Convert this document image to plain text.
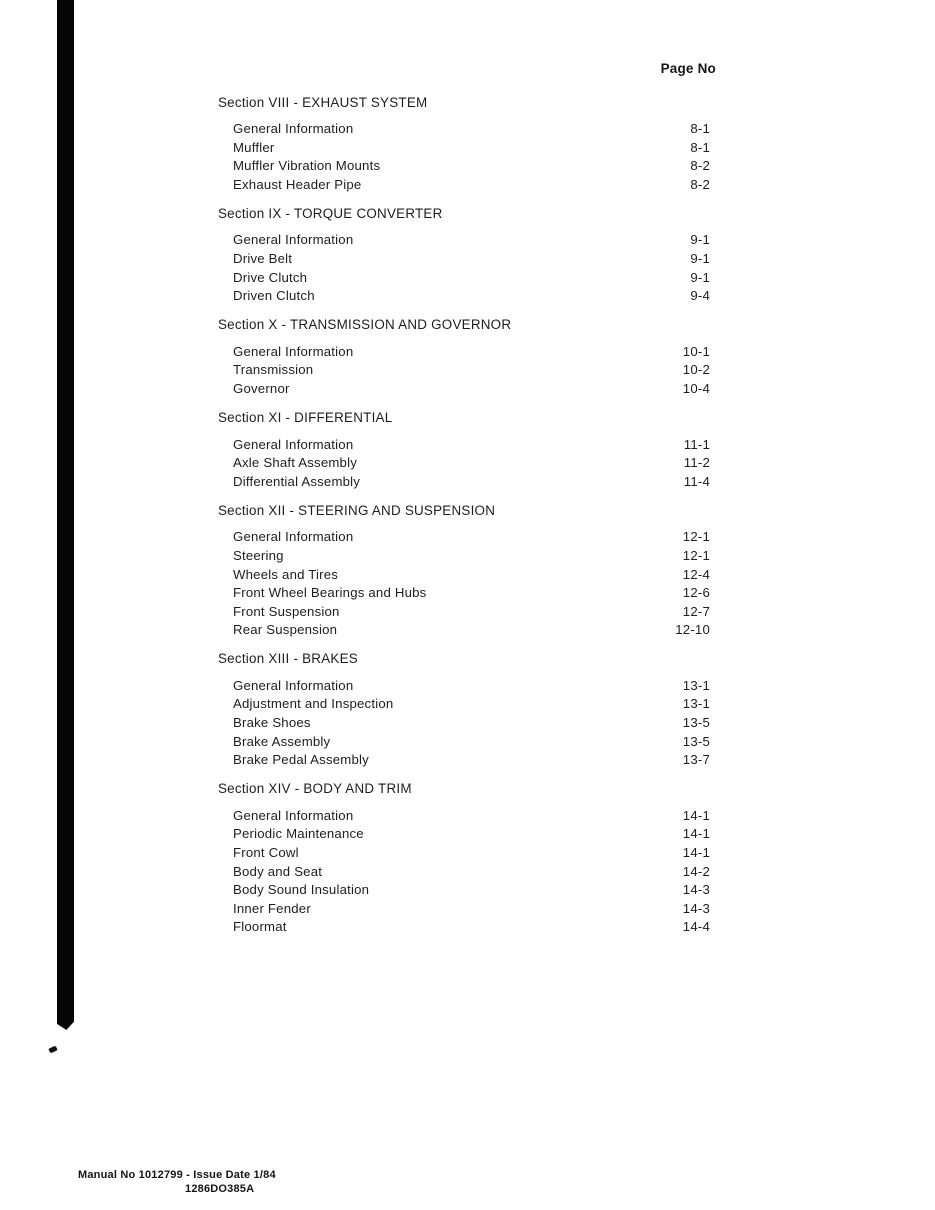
Page No
Section VIII - EXHAUST SYSTEM
General Information	8-1
Muffler	8-1
Muffler Vibration Mounts	8-2
Exhaust Header Pipe	8-2
Section IX - TORQUE CONVERTER
General Information	9-1
Drive Belt	9-1
Drive Clutch	9-1
Driven Clutch	9-4
Section X - TRANSMISSION AND GOVERNOR
General Information	10-1
Transmission	10-2
Governor	10-4
Section XI - DIFFERENTIAL
General Information	11-1
Axle Shaft Assembly	11-2
Differential Assembly	11-4
Section XII - STEERING AND SUSPENSION
General Information	12-1
Steering	12-1
Wheels and Tires	12-4
Front Wheel Bearings and Hubs	12-6
Front Suspension	12-7
Rear Suspension	12-10
Section XIII - BRAKES
General Information	13-1
Adjustment and Inspection	13-1
Brake Shoes	13-5
Brake Assembly	13-5
Brake Pedal Assembly	13-7
Section XIV - BODY AND TRIM
General Information	14-1
Periodic Maintenance	14-1
Front Cowl	14-1
Body and Seat	14-2
Body Sound Insulation	14-3
Inner Fender	14-3
Floormat	14-4
Manual No 1012799 - Issue Date 1/84
1286DO385A
